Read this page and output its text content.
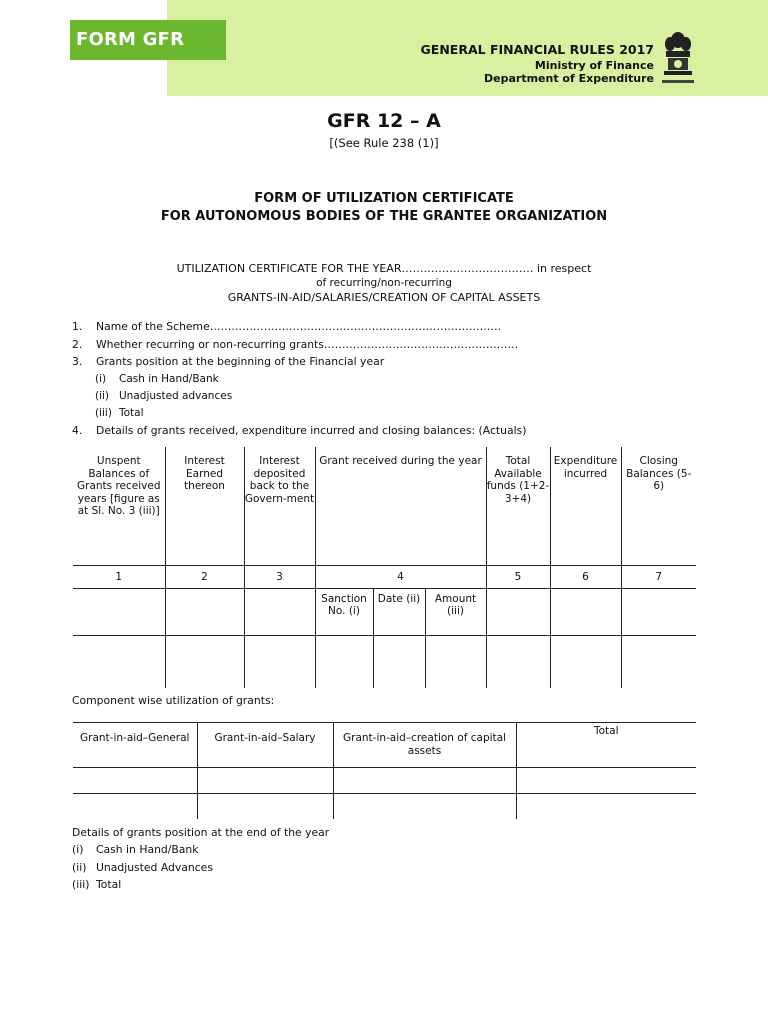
FORM GFR 12A
GENERAL FINANCIAL RULES 2017
Ministry of Finance
Department of Expenditure
GFR 12 – A
[(See Rule 238 (1)]
FORM OF UTILIZATION CERTIFICATE
FOR AUTONOMOUS BODIES OF THE GRANTEE ORGANIZATION
UTILIZATION CERTIFICATE FOR THE YEAR……………………………… in respect
of recurring/non-recurring
GRANTS-IN-AID/SALARIES/CREATION OF CAPITAL ASSETS
1. Name of the Scheme………………………………………………………………………
2. Whether recurring or non-recurring grants………………………………………………
3. Grants position at the beginning of the Financial year
(i) Cash in Hand/Bank
(ii) Unadjusted advances
(iii) Total
4. Details of grants received, expenditure incurred and closing balances: (Actuals)
Unspent Balances of Grants received years [figure as at Sl. No. 3 (iii)]	Interest Earned thereon	Interest deposited back to the Govern-ment	Grant received during the year			Total Available funds (1+2-3+4)	Expenditure incurred	Closing Balances (5-6)
1	2	3	4			5	6	7
			Sanction No. (i)	Date (ii)	Amount (iii)			

Component wise utilization of grants:
Grant-in-aid–General	Grant-in-aid–Salary	Grant-in-aid–creation of capital assets	Total

Details of grants position at the end of the year
(i) Cash in Hand/Bank
(ii) Unadjusted Advances
(iii) Total
